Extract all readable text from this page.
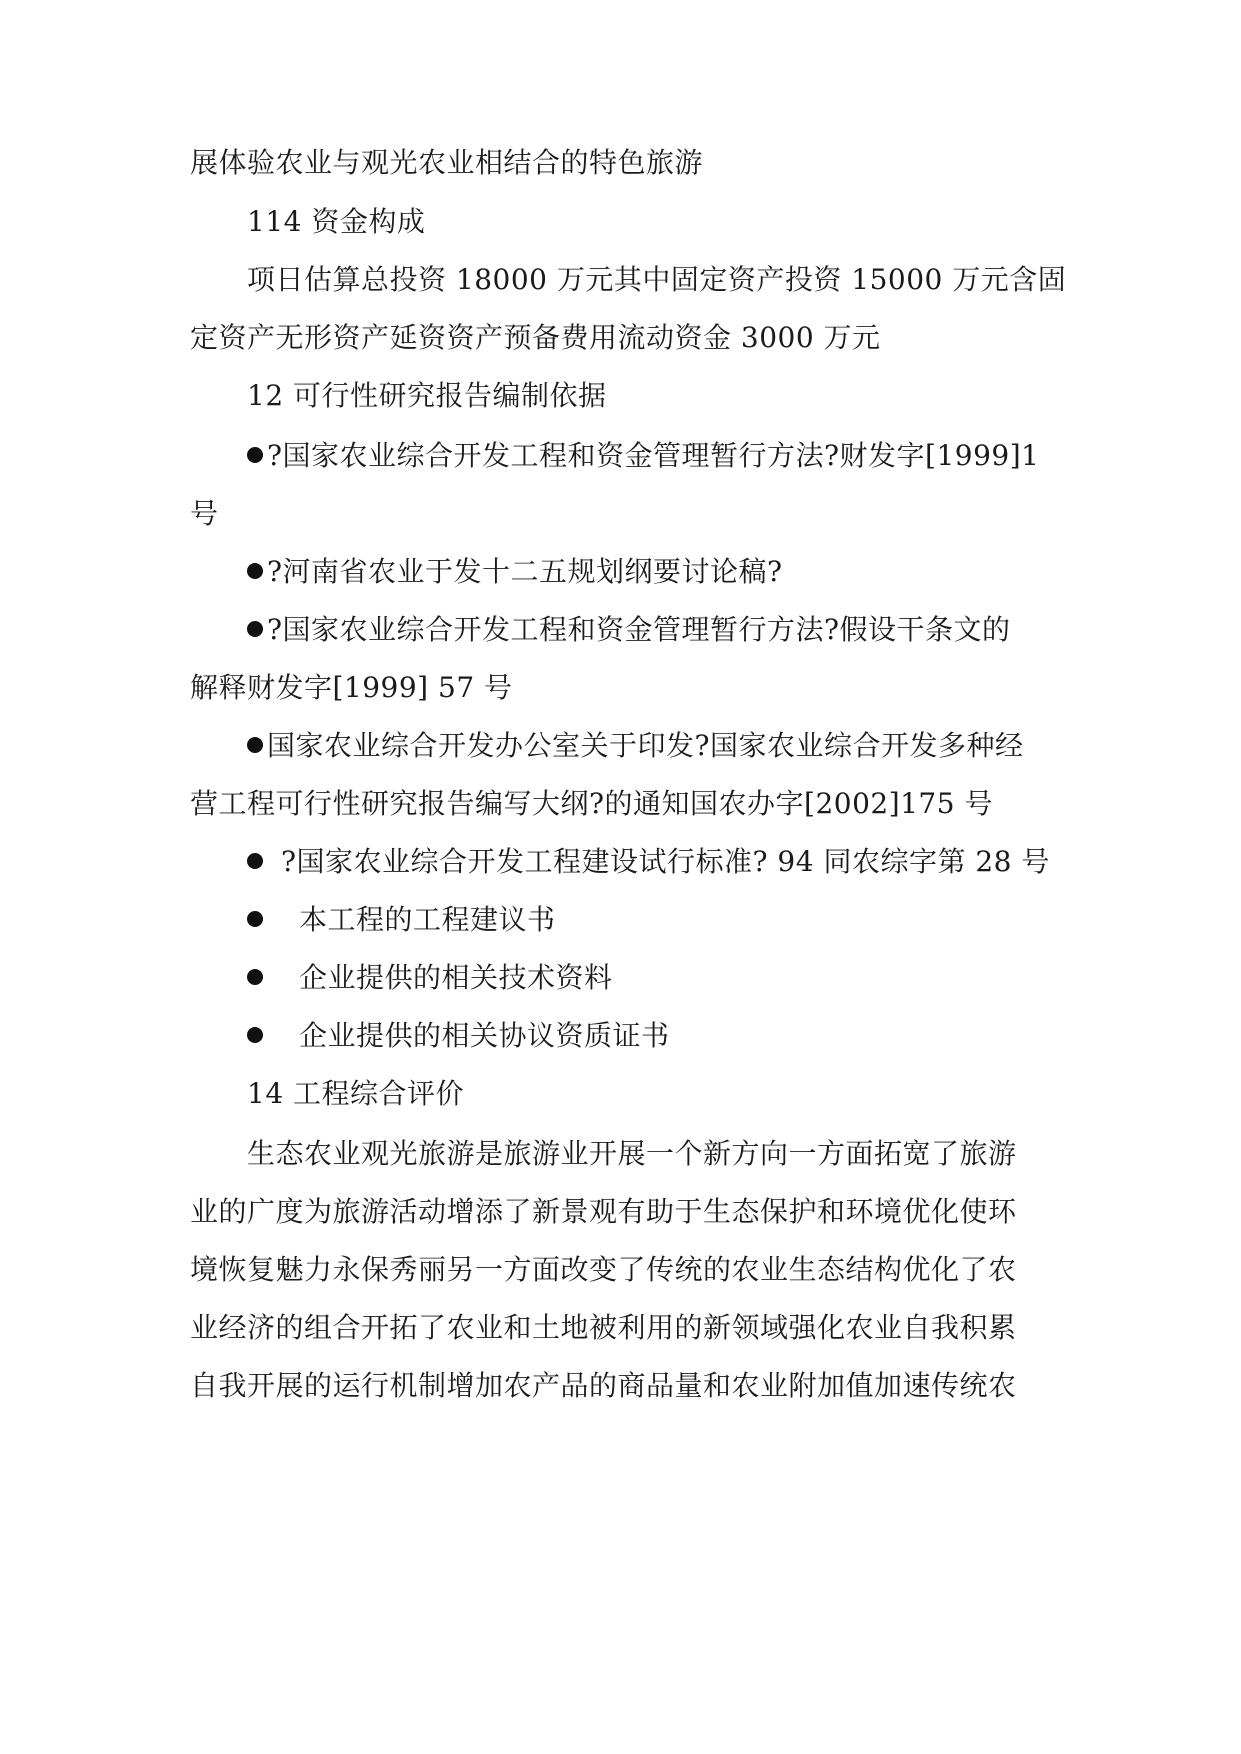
展体验农业与观光农业相结合的特色旅游
114 资金构成
项日估算总投资 18000 万元其中固定资产投资 15000 万元含固
定资产无形资产延资资产预备费用流动资金 3000 万元
12 可行性研究报告编制依据
?国家农业综合开发工程和资金管理暂行方法?财发字[1999]1
号
?河南省农业于发十二五规划纲要讨论稿?
?国家农业综合开发工程和资金管理暂行方法?假设干条文的
解释财发字[1999] 57 号
国家农业综合开发办公室关于印发?国家农业综合开发多种经
营工程可行性研究报告编写大纲?的通知国农办字[2002]175 号
?国家农业综合开发工程建设试行标准? 94 同农综字第 28 号
本工程的工程建议书
企业提供的相关技术资料
企业提供的相关协议资质证书
14 工程综合评价
生态农业观光旅游是旅游业开展一个新方向一方面拓宽了旅游
业的广度为旅游活动增添了新景观有助于生态保护和环境优化使环
境恢复魅力永保秀丽另一方面改变了传统的农业生态结构优化了农
业经济的组合开拓了农业和土地被利用的新领域强化农业自我积累
自我开展的运行机制增加农产品的商品量和农业附加值加速传统农
